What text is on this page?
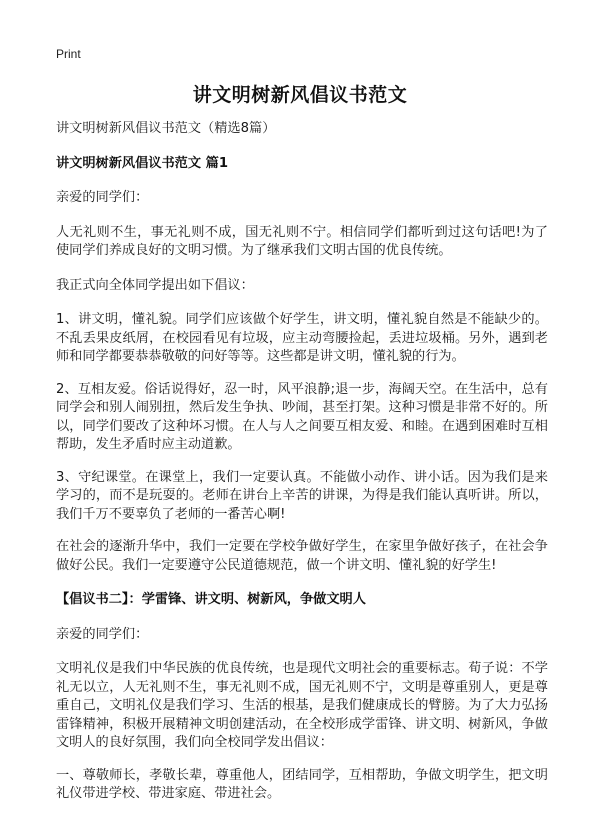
Print
讲文明树新风倡议书范文

讲文明树新风倡议书范文（精选8篇）

讲文明树新风倡议书范文 篇1

亲爱的同学们：

人无礼则不生，事无礼则不成，国无礼则不宁。相信同学们都听到过这句话吧!为了使同学们养成良好的文明习惯。为了继承我们文明古国的优良传统。

我正式向全体同学提出如下倡议：

1、讲文明，懂礼貌。同学们应该做个好学生，讲文明，懂礼貌自然是不能缺少的。不乱丢果皮纸屑，在校园看见有垃圾，应主动弯腰捡起，丢进垃圾桶。另外，遇到老师和同学都要恭恭敬敬的问好等等。这些都是讲文明，懂礼貌的行为。

2、互相友爱。俗话说得好，忍一时，风平浪静;退一步，海阔天空。在生活中，总有同学会和别人闹别扭，然后发生争执、吵闹，甚至打架。这种习惯是非常不好的。所以，同学们要改了这种坏习惯。在人与人之间要互相友爱、和睦。在遇到困难时互相帮助，发生矛盾时应主动道歉。

3、守纪课堂。在课堂上，我们一定要认真。不能做小动作、讲小话。因为我们是来学习的，而不是玩耍的。老师在讲台上辛苦的讲课，为得是我们能认真听讲。所以，我们千万不要辜负了老师的一番苦心啊!

在社会的逐渐升华中，我们一定要在学校争做好学生，在家里争做好孩子，在社会争做好公民。我们一定要遵守公民道德规范，做一个讲文明、懂礼貌的好学生!

【倡议书二】：学雷锋、讲文明、树新风，争做文明人

亲爱的同学们：

文明礼仪是我们中华民族的优良传统，也是现代文明社会的重要标志。荀子说：不学礼无以立，人无礼则不生，事无礼则不成，国无礼则不宁，文明是尊重别人，更是尊重自己，文明礼仪是我们学习、生活的根基，是我们健康成长的臂膀。为了大力弘扬雷锋精神，积极开展精神文明创建活动，在全校形成学雷锋、讲文明、树新风，争做文明人的良好氛围，我们向全校同学发出倡议：

一、尊敬师长，孝敬长辈，尊重他人，团结同学，互相帮助，争做文明学生，把文明礼仪带进学校、带进家庭、带进社会。
